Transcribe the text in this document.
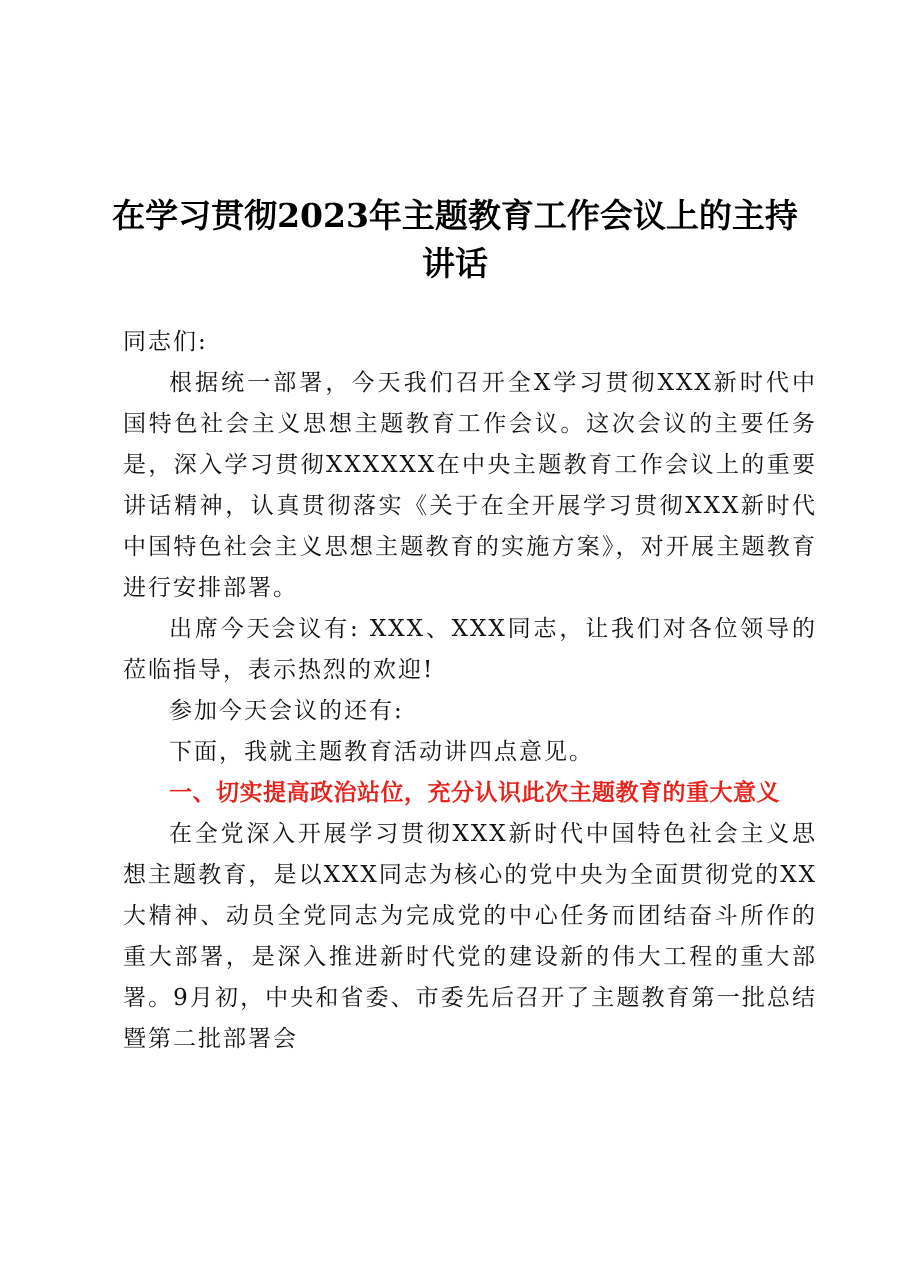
在学习贯彻2023年主题教育工作会议上的主持讲话

同志们:

根据统一部署，今天我们召开全X学习贯彻XXX新时代中国特色社会主义思想主题教育工作会议。这次会议的主要任务是，深入学习贯彻XXXXXX在中央主题教育工作会议上的重要讲话精神，认真贯彻落实《关于在全开展学习贯彻XXX新时代中国特色社会主义思想主题教育的实施方案》，对开展主题教育进行安排部署。

出席今天会议有: XXX、XXX同志，让我们对各位领导的莅临指导，表示热烈的欢迎!

参加今天会议的还有:

下面，我就主题教育活动讲四点意见。

一、切实提高政治站位，充分认识此次主题教育的重大意义

在全党深入开展学习贯彻XXX新时代中国特色社会主义思想主题教育，是以XXX同志为核心的党中央为全面贯彻党的XX大精神、动员全党同志为完成党的中心任务而团结奋斗所作的重大部署，是深入推进新时代党的建设新的伟大工程的重大部署。9月初，中央和省委、市委先后召开了主题教育第一批总结暨第二批部署会
